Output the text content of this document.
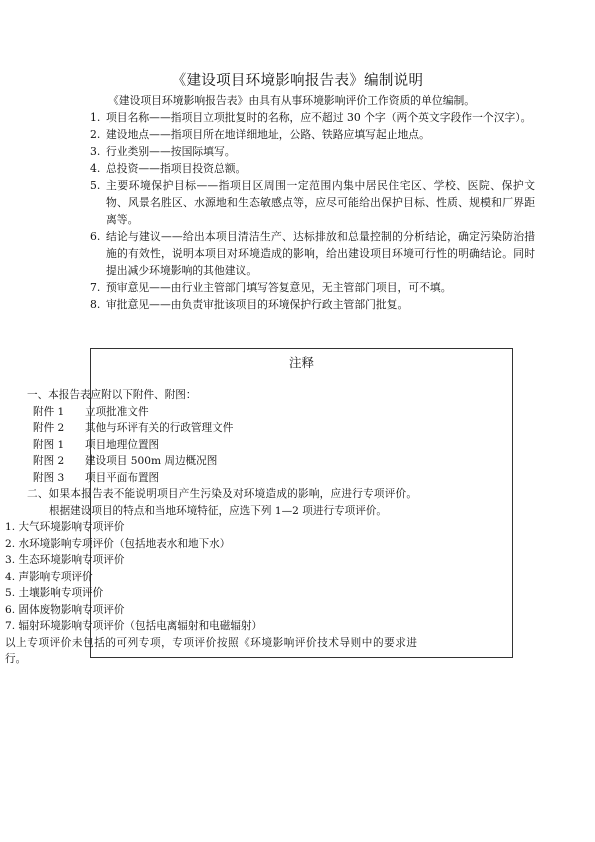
《建设项目环境影响报告表》编制说明
《建设项目环境影响报告表》由具有从事环境影响评价工作资质的单位编制。
1. 项目名称——指项目立项批复时的名称，应不超过 30 个字（两个英文字段作一个汉字）。
2. 建设地点——指项目所在地详细地址，公路、铁路应填写起止地点。
3. 行业类别——按国际填写。
4. 总投资——指项目投资总额。
5. 主要环境保护目标——指项目区周围一定范围内集中居民住宅区、学校、医院、保护文物、风景名胜区、水源地和生态敏感点等，应尽可能给出保护目标、性质、规模和厂界距离等。
6. 结论与建议——给出本项目清洁生产、达标排放和总量控制的分析结论，确定污染防治措施的有效性，说明本项目对环境造成的影响，给出建设项目环境可行性的明确结论。同时提出减少环境影响的其他建议。
7. 预审意见——由行业主管部门填写答复意见，无主管部门项目，可不填。
8. 审批意见——由负责审批该项目的环境保护行政主管部门批复。
注释
一、本报告表应附以下附件、附图：
附件 1 立项批准文件
附件 2 其他与环评有关的行政管理文件
附图 1 项目地理位置图
附图 2 建设项目 500m 周边概况图
附图 3 项目平面布置图
二、如果本报告表不能说明项目产生污染及对环境造成的影响，应进行专项评价。根据建设项目的特点和当地环境特征，应选下列 1—2 项进行专项评价。
1. 大气环境影响专项评价
2. 水环境影响专项评价（包括地表水和地下水）
3. 生态环境影响专项评价
4. 声影响专项评价
5. 土壤影响专项评价
6. 固体废物影响专项评价
7. 辐射环境影响专项评价（包括电离辐射和电磁辐射）
以上专项评价未包括的可列专项，专项评价按照《环境影响评价技术导则中的要求进行。
